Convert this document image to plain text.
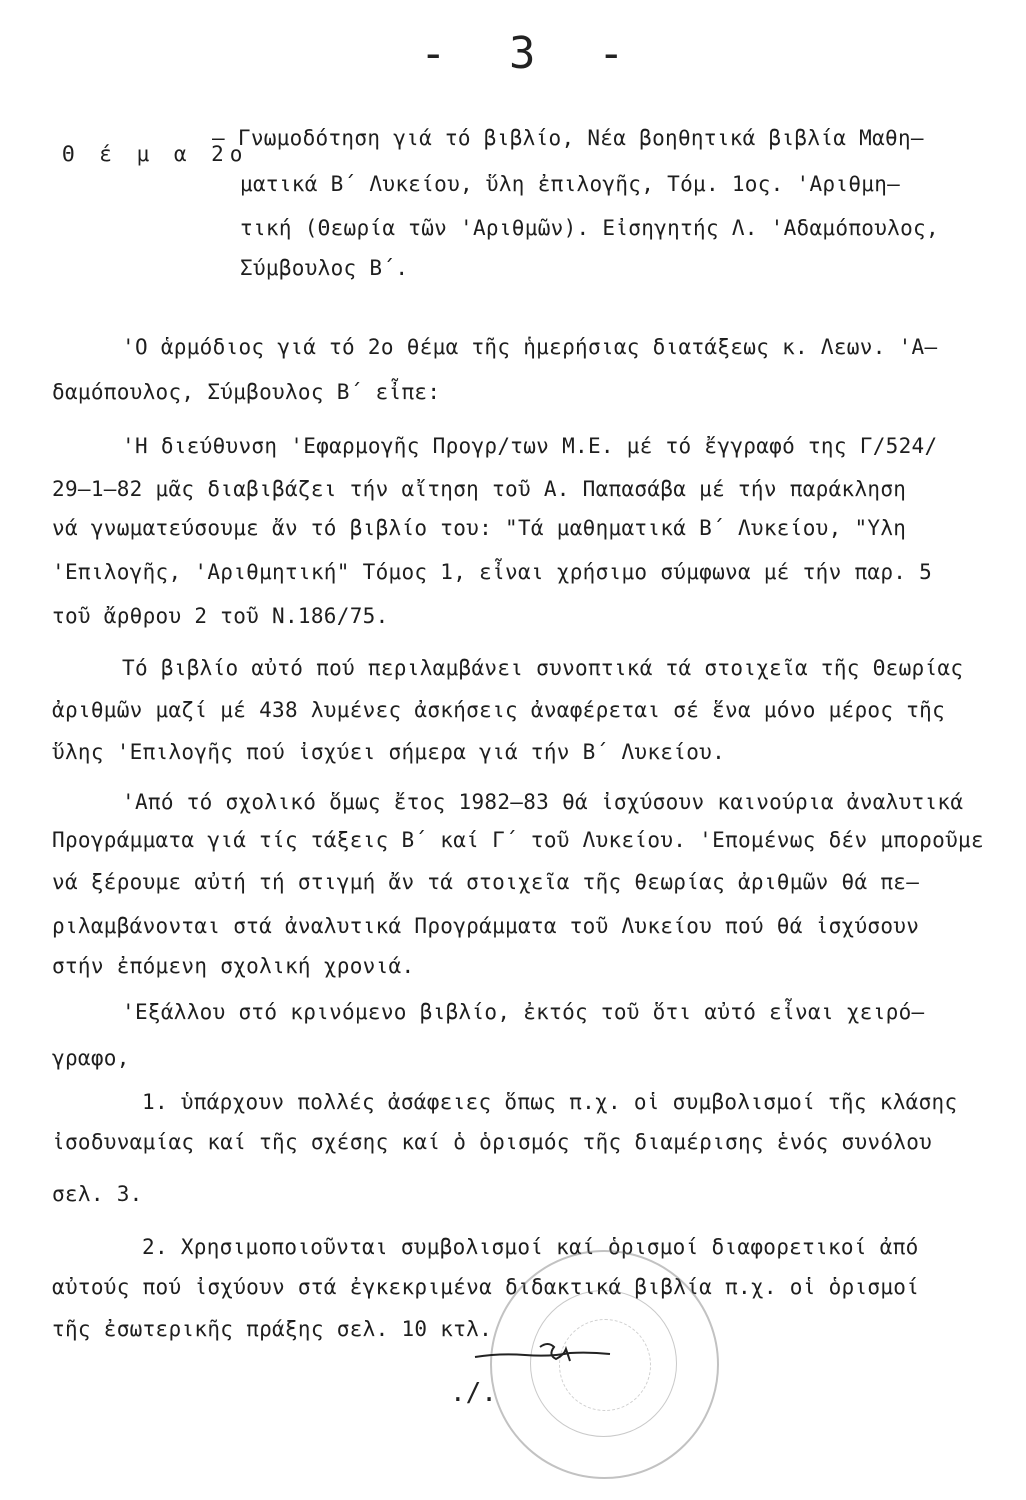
- 3 -
Θ έ μ α 2ο
– Γνωμοδότηση γιά τό βιβλίο, Νέα βοηθητικά βιβλία Μαθη–
ματικά Β΄ Λυκείου, ὕλη ἐπιλογῆς, Τόμ. 1ος. 'Αριθμη–
τική (Θεωρία τῶν 'Αριθμῶν). Εἰσηγητής Λ. 'Αδαμόπουλος,
Σύμβουλος Β΄.
'Ο ἁρμόδιος γιά τό 2ο θέμα τῆς ἡμερήσιας διατάξεως κ. Λεων. 'Α–
δαμόπουλος, Σύμβουλος Β΄ εἶπε:
'Η διεύθυνση 'Εφαρμογῆς Προγρ/των Μ.Ε. μέ τό ἔγγραφό της Γ/524/
29–1–82 μᾶς διαβιβάζει τήν αἴτηση τοῦ Α. Παπασάβα μέ τήν παράκληση
νά γνωματεύσουμε ἄν τό βιβλίο του: "Τά μαθηματικά Β΄ Λυκείου, "Υλη
'Επιλογῆς, 'Αριθμητική" Τόμος 1, εἶναι χρήσιμο σύμφωνα μέ τήν παρ. 5
τοῦ ἄρθρου 2 τοῦ Ν.186/75.
Τό βιβλίο αὐτό πού περιλαμβάνει συνοπτικά τά στοιχεῖα τῆς Θεωρίας
ἀριθμῶν μαζί μέ 438 λυμένες ἀσκήσεις ἀναφέρεται σέ ἕνα μόνο μέρος τῆς
ὕλης 'Επιλογῆς πού ἰσχύει σήμερα γιά τήν Β΄ Λυκείου.
'Από τό σχολικό ὅμως ἔτος 1982–83 θά ἰσχύσουν καινούρια ἀναλυτικά
Προγράμματα γιά τίς τάξεις Β΄ καί Γ΄ τοῦ Λυκείου. 'Επομένως δέν μποροῦμε
νά ξέρουμε αὐτή τή στιγμή ἄν τά στοιχεῖα τῆς θεωρίας ἀριθμῶν θά πε–
ριλαμβάνονται στά ἀναλυτικά Προγράμματα τοῦ Λυκείου πού θά ἰσχύσουν
στήν ἐπόμενη σχολική χρονιά.
'Εξάλλου στό κρινόμενο βιβλίο, ἐκτός τοῦ ὅτι αὐτό εἶναι χειρό–
γραφο,
1. ὑπάρχουν πολλές ἀσάφειες ὅπως π.χ. οἱ συμβολισμοί τῆς κλάσης
ἰσοδυναμίας καί τῆς σχέσης καί ὁ ὁρισμός τῆς διαμέρισης ἑνός συνόλου
σελ. 3.
2. Χρησιμοποιοῦνται συμβολισμοί καί ὁρισμοί διαφορετικοί ἀπό
αὐτούς πού ἰσχύουν στά ἐγκεκριμένα διδακτικά βιβλία π.χ. οἱ ὁρισμοί
τῆς ἐσωτερικῆς πράξης σελ. 10 κτλ.
./.
